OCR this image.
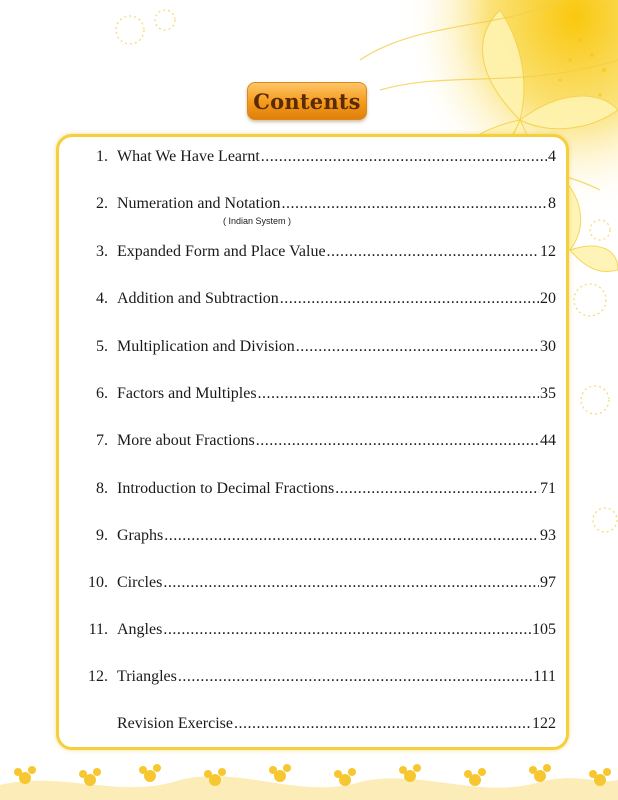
Contents
1. What We Have Learnt .....	4
2. Numeration and Notation .....	8
3. Expanded Form and Place Value .....	12
4. Addition and Subtraction .....	20
5. Multiplication and Division .....	30
6. Factors and Multiples .....	35
7. More about Fractions .....	44
8. Introduction to Decimal Fractions .....	71
9. Graphs .....	93
10. Circles .....	97
11. Angles .....	105
12. Triangles .....	111
Revision Exercise .....	122
( Indian System )
